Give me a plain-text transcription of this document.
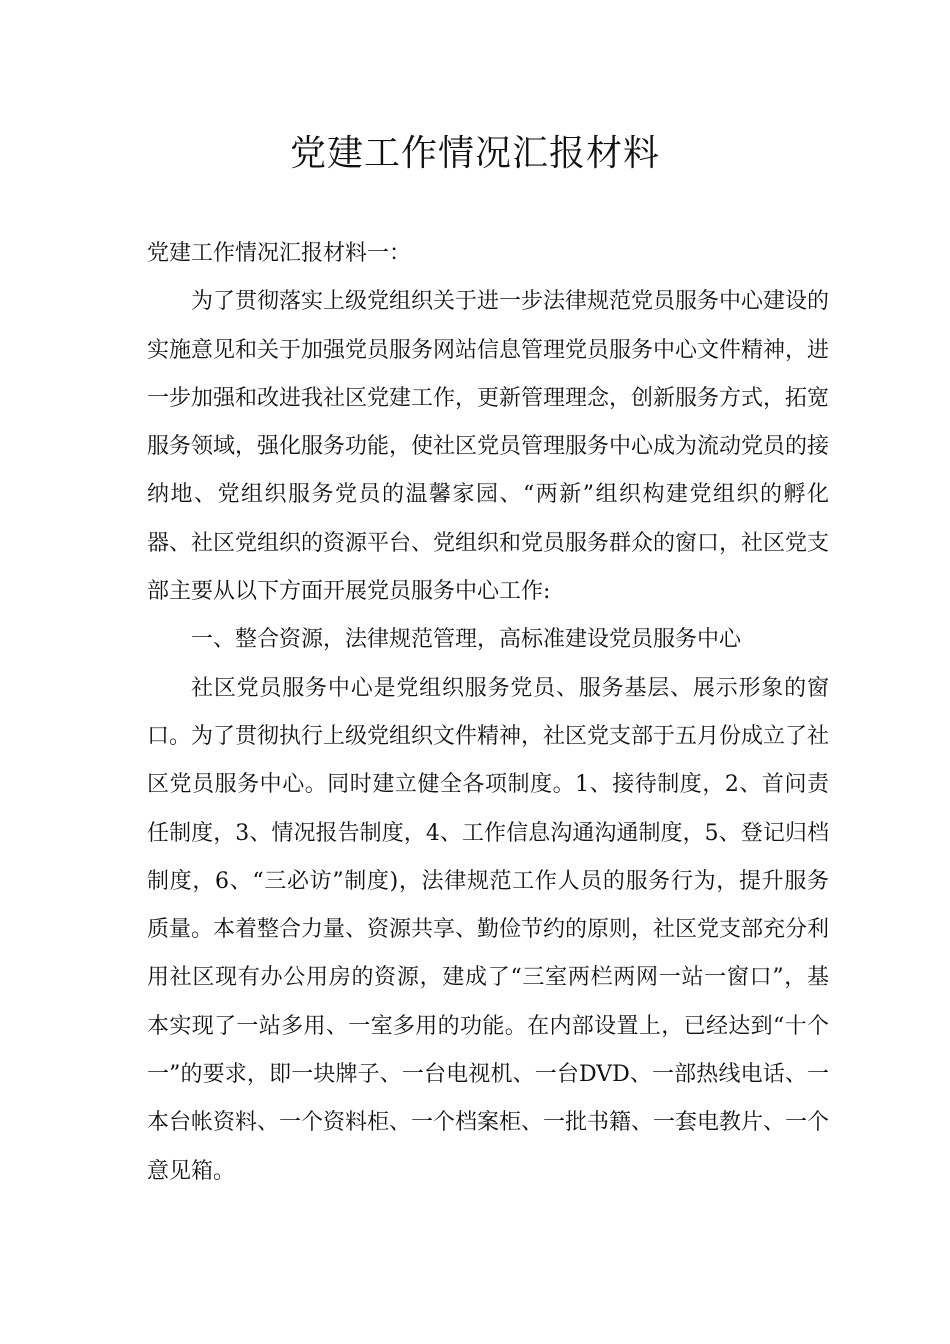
党建工作情况汇报材料

党建工作情况汇报材料一：

为了贯彻落实上级党组织关于进一步法律规范党员服务中心建设的实施意见和关于加强党员服务网站信息管理党员服务中心文件精神，进一步加强和改进我社区党建工作，更新管理理念，创新服务方式，拓宽服务领域，强化服务功能，使社区党员管理服务中心成为流动党员的接纳地、党组织服务党员的温馨家园、“两新”组织构建党组织的孵化器、社区党组织的资源平台、党组织和党员服务群众的窗口，社区党支部主要从以下方面开展党员服务中心工作:

一、整合资源，法律规范管理，高标准建设党员服务中心

社区党员服务中心是党组织服务党员、服务基层、展示形象的窗口。为了贯彻执行上级党组织文件精神，社区党支部于五月份成立了社区党员服务中心。同时建立健全各项制度。1、接待制度，2、首问责任制度，3、情况报告制度，4、工作信息沟通沟通制度，5、登记归档制度，6、“三必访”制度)，法律规范工作人员的服务行为，提升服务质量。本着整合力量、资源共享、勤俭节约的原则，社区党支部充分利用社区现有办公用房的资源，建成了“三室两栏两网一站一窗口”，基本实现了一站多用、一室多用的功能。在内部设置上，已经达到“十个一”的要求，即一块牌子、一台电视机、一台DVD、一部热线电话、一本台帐资料、一个资料柜、一个档案柜、一批书籍、一套电教片、一个意见箱。
